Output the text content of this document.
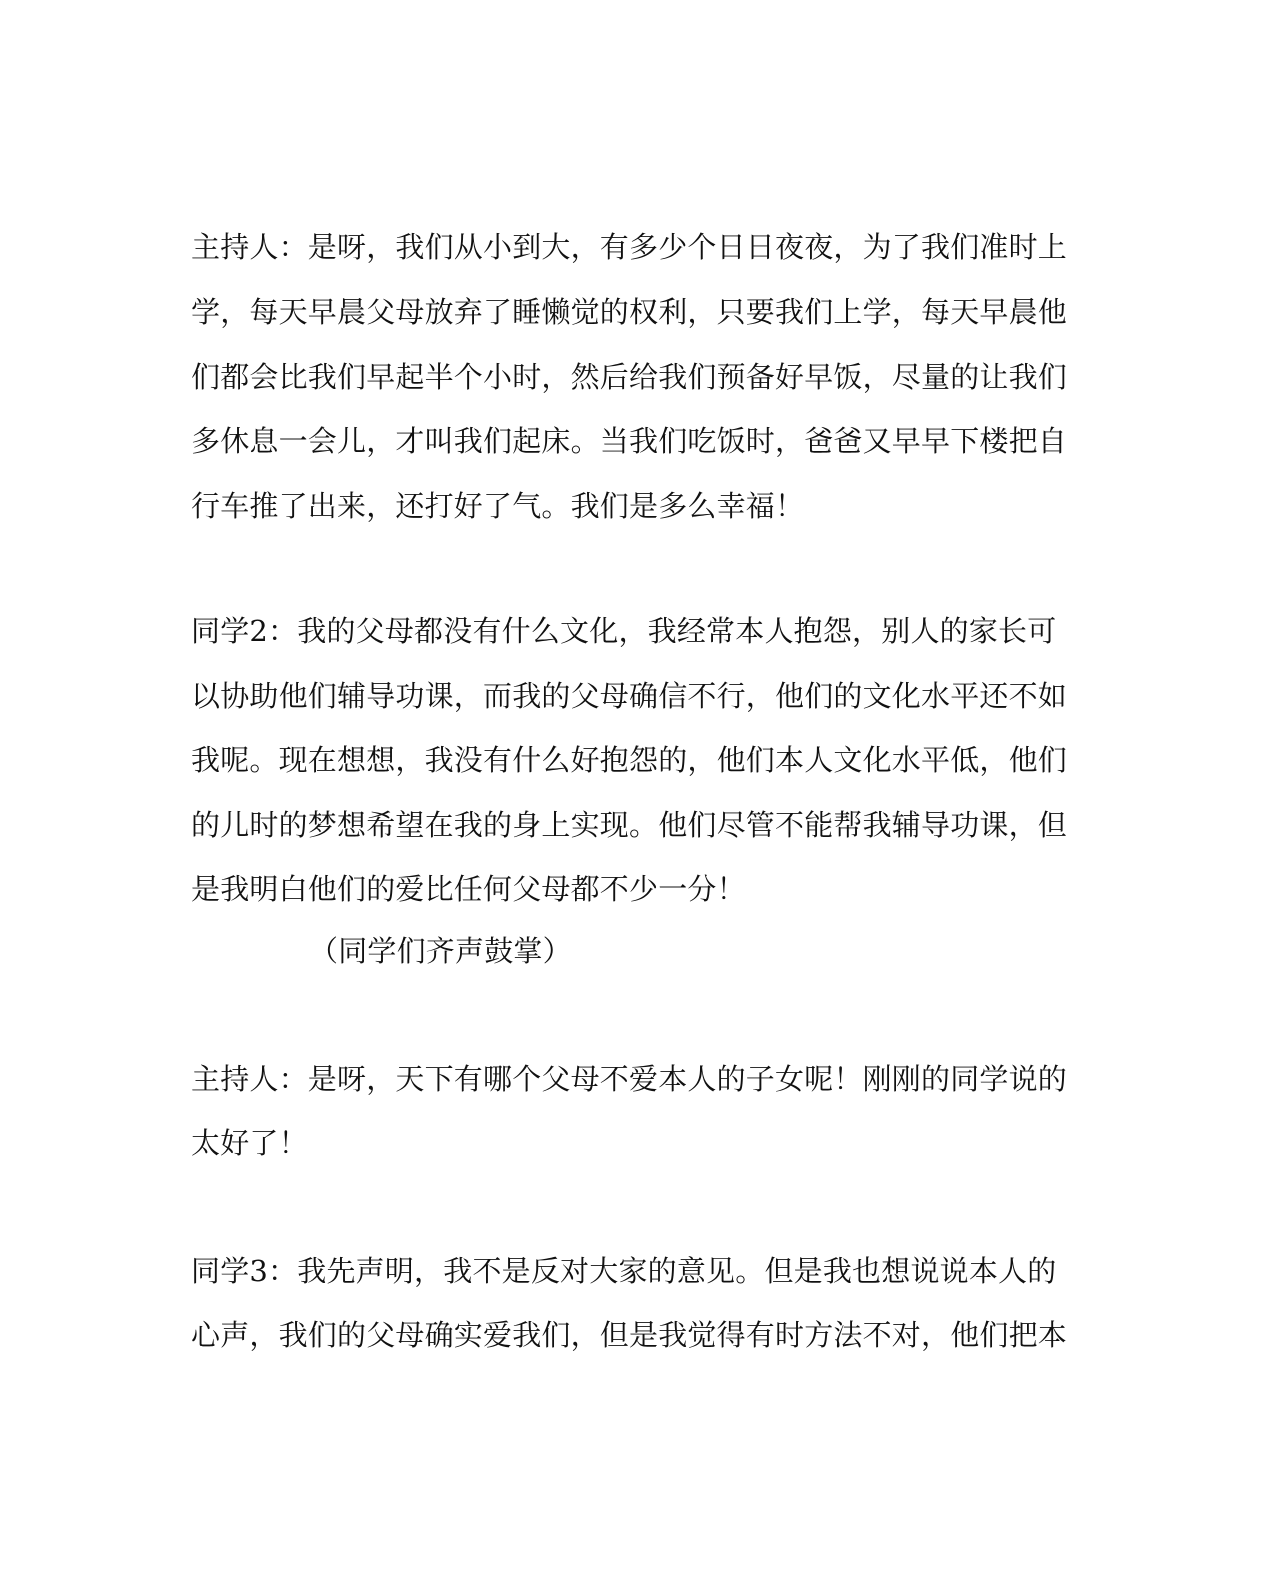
主持人：是呀，我们从小到大，有多少个日日夜夜，为了我们准时上
学，每天早晨父母放弃了睡懒觉的权利，只要我们上学，每天早晨他
们都会比我们早起半个小时，然后给我们预备好早饭，尽量的让我们
多休息一会儿，才叫我们起床。当我们吃饭时，爸爸又早早下楼把自
行车推了出来，还打好了气。我们是多么幸福！
同学2：我的父母都没有什么文化，我经常本人抱怨，别人的家长可
以协助他们辅导功课，而我的父母确信不行，他们的文化水平还不如
我呢。现在想想，我没有什么好抱怨的，他们本人文化水平低，他们
的儿时的梦想希望在我的身上实现。他们尽管不能帮我辅导功课，但
是我明白他们的爱比任何父母都不少一分！
（同学们齐声鼓掌）
主持人：是呀，天下有哪个父母不爱本人的子女呢！刚刚的同学说的
太好了！
同学3：我先声明，我不是反对大家的意见。但是我也想说说本人的
心声，我们的父母确实爱我们，但是我觉得有时方法不对，他们把本
